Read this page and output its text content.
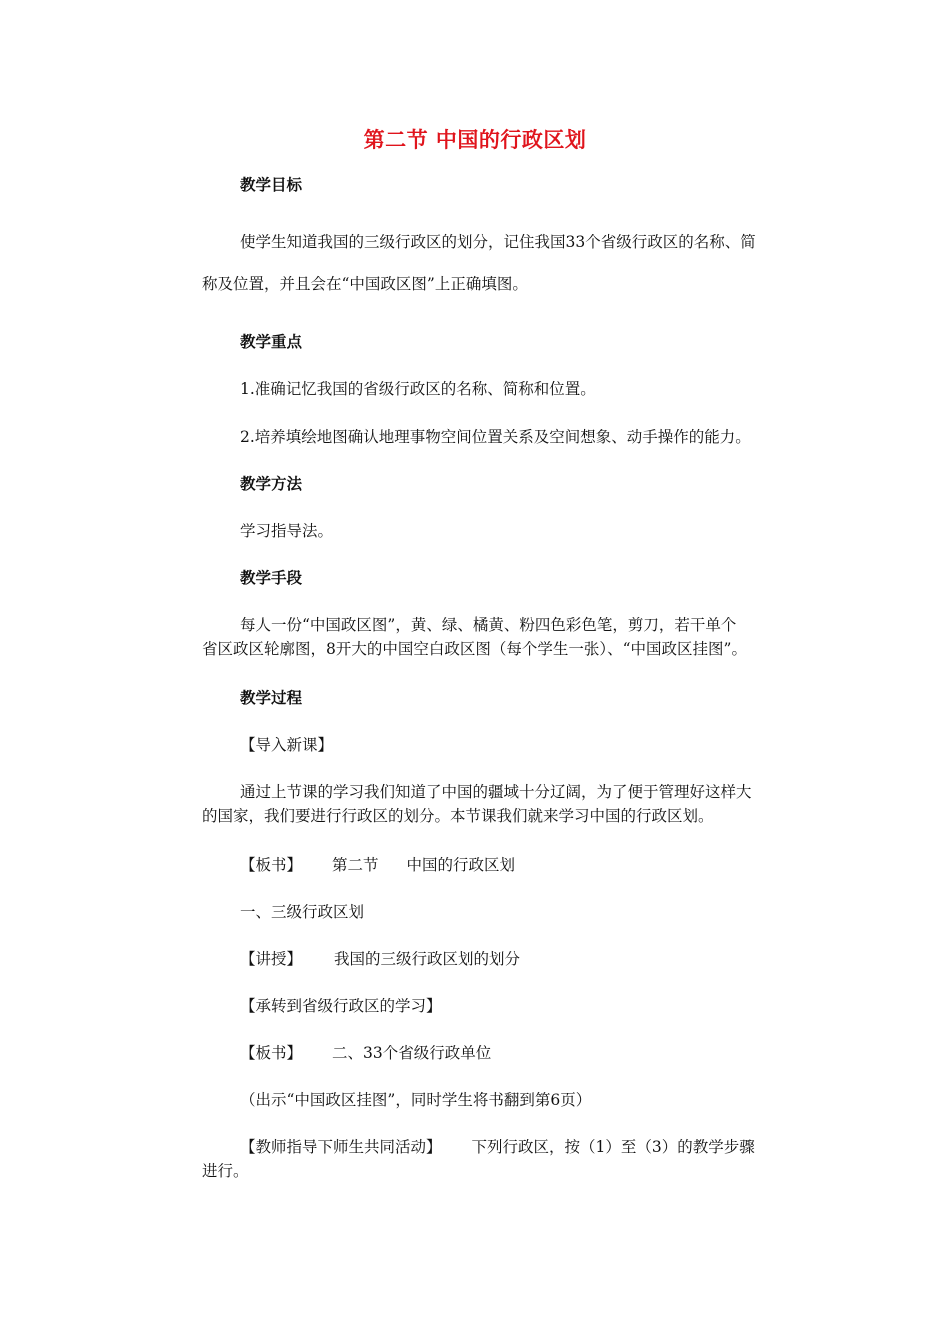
第二节 中国的行政区划
教学目标
使学生知道我国的三级行政区的划分，记住我国33个省级行政区的名称、简
称及位置，并且会在“中国政区图”上正确填图。
教学重点
1.准确记忆我国的省级行政区的名称、简称和位置。
2.培养填绘地图确认地理事物空间位置关系及空间想象、动手操作的能力。
教学方法
学习指导法。
教学手段
每人一份“中国政区图”，黄、绿、橘黄、粉四色彩色笔，剪刀，若干单个
省区政区轮廓图，8开大的中国空白政区图（每个学生一张）、“中国政区挂图”。
教学过程
【导入新课】
通过上节课的学习我们知道了中国的疆域十分辽阔，为了便于管理好这样大
的国家，我们要进行行政区的划分。本节课我们就来学习中国的行政区划。
【板书】 第二节 中国的行政区划
一、三级行政区划
【讲授】 我国的三级行政区划的划分
【承转到省级行政区的学习】
【板书】 二、33个省级行政单位
（出示“中国政区挂图”，同时学生将书翻到第6页）
【教师指导下师生共同活动】 下列行政区，按（1）至（3）的教学步骤
进行。
